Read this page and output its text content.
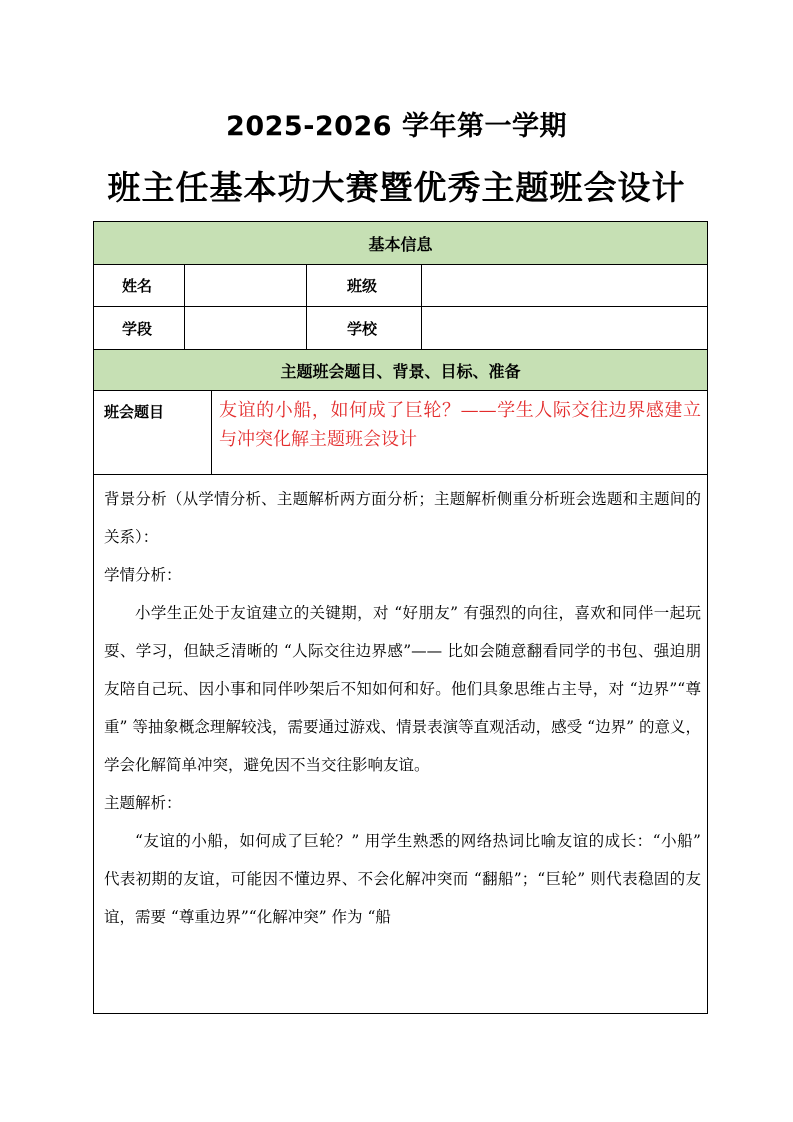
2025-2026 学年第一学期
班主任基本功大赛暨优秀主题班会设计
基本信息
姓名	班级
学段	学校
主题班会题目、背景、目标、准备
班会题目	友谊的小船，如何成了巨轮？——学生人际交往边界感建立与冲突化解主题班会设计

背景分析（从学情分析、主题解析两方面分析；主题解析侧重分析班会选题和主题间的关系）：

学情分析：

小学生正处于友谊建立的关键期，对 “好朋友” 有强烈的向往，喜欢和同伴一起玩耍、学习，但缺乏清晰的 “人际交往边界感”—— 比如会随意翻看同学的书包、强迫朋友陪自己玩、因小事和同伴吵架后不知如何和好。他们具象思维占主导，对 “边界”“尊重” 等抽象概念理解较浅，需要通过游戏、情景表演等直观活动，感受 “边界” 的意义，学会化解简单冲突，避免因不当交往影响友谊。

主题解析：

“友谊的小船，如何成了巨轮？” 用学生熟悉的网络热词比喻友谊的成长：“小船” 代表初期的友谊，可能因不懂边界、不会化解冲突而 “翻船”；“巨轮” 则代表稳固的友谊，需要 “尊重边界”“化解冲突” 作为 “船
